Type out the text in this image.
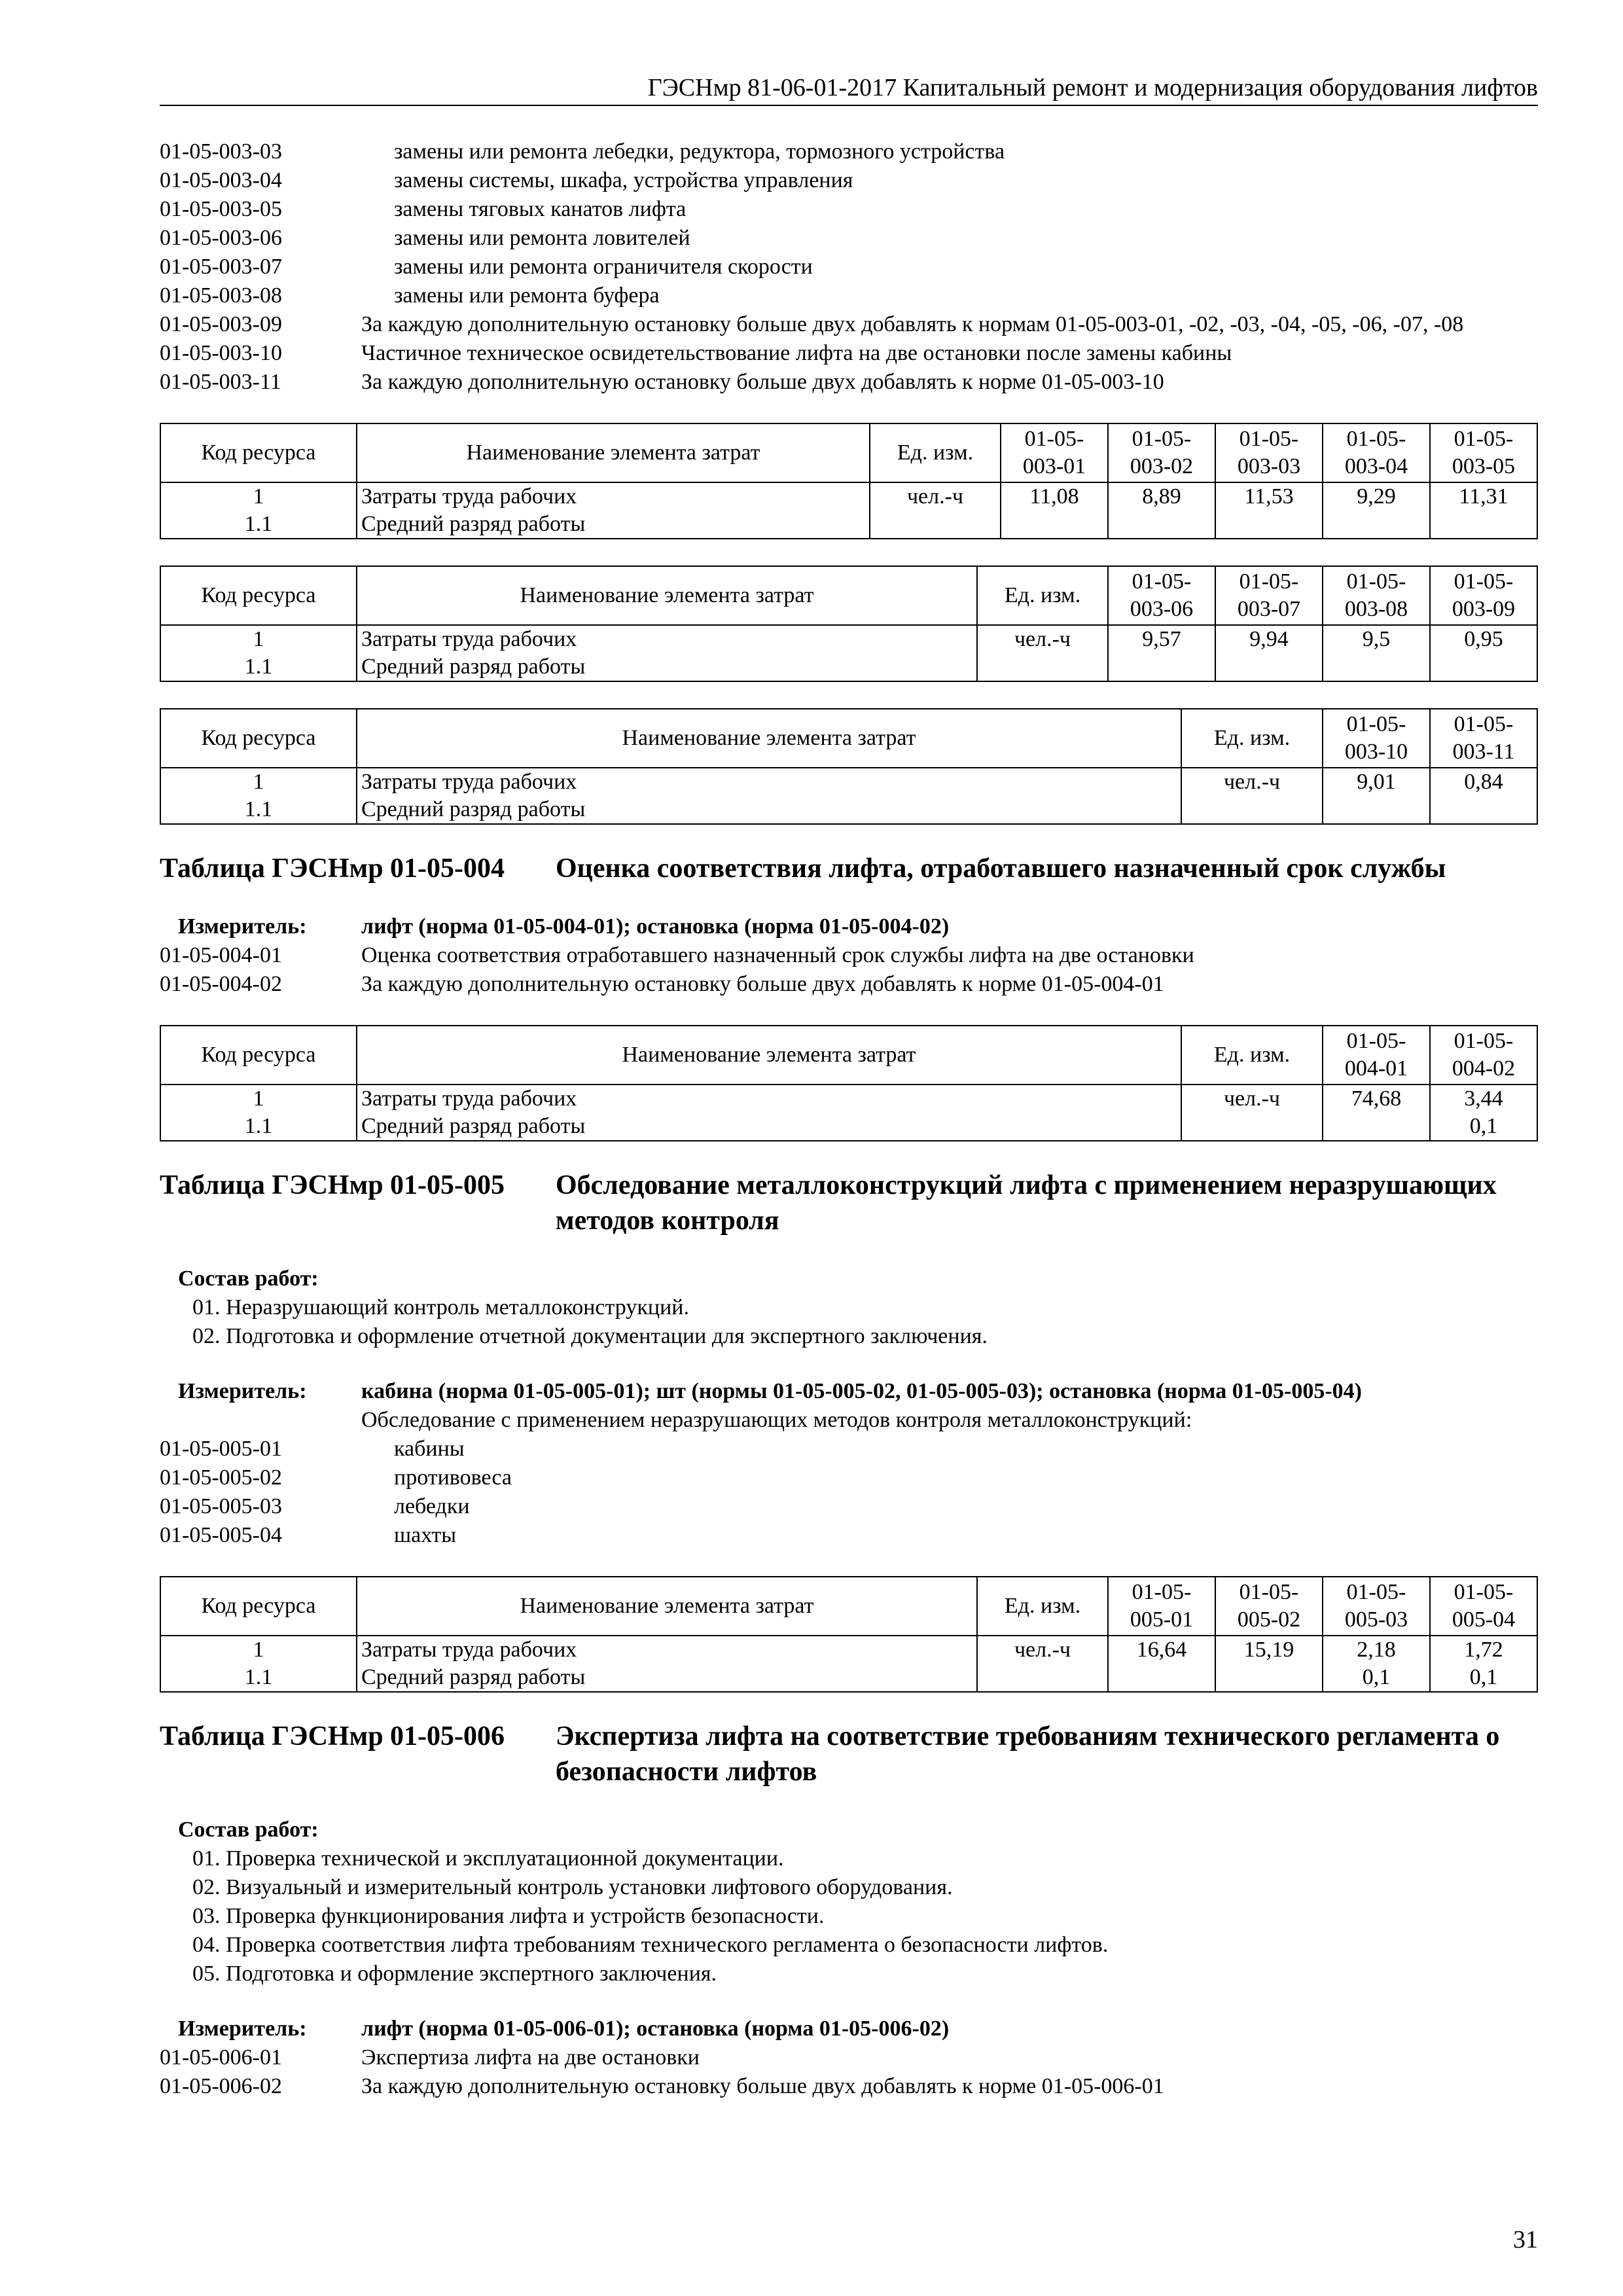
ГЭСНмр 81-06-01-2017 Капитальный ремонт и модернизация оборудования лифтов
01-05-003-03	замены или ремонта лебедки, редуктора, тормозного устройства
01-05-003-04	замены системы, шкафа, устройства управления
01-05-003-05	замены тяговых канатов лифта
01-05-003-06	замены или ремонта ловителей
01-05-003-07	замены или ремонта ограничителя скорости
01-05-003-08	замены или ремонта буфера
01-05-003-09	За каждую дополнительную остановку больше двух добавлять к нормам 01-05-003-01, -02, -03, -04, -05, -06, -07, -08
01-05-003-10	Частичное техническое освидетельствование лифта на две остановки после замены кабины
01-05-003-11	За каждую дополнительную остановку больше двух добавлять к норме 01-05-003-10
Код ресурса	Наименование элемента затрат	Ед. изм.	01-05-003-01	01-05-003-02	01-05-003-03	01-05-003-04	01-05-003-05
1	Затраты труда рабочих	чел.-ч	11,08	8,89	11,53	9,29	11,31
1.1	Средний разряд работы						
Код ресурса	Наименование элемента затрат	Ед. изм.	01-05-003-06	01-05-003-07	01-05-003-08	01-05-003-09
1	Затраты труда рабочих	чел.-ч	9,57	9,94	9,5	0,95
1.1	Средний разряд работы					
Код ресурса	Наименование элемента затрат	Ед. изм.	01-05-003-10	01-05-003-11
1	Затраты труда рабочих	чел.-ч	9,01	0,84
1.1	Средний разряд работы			
Таблица ГЭСНмр 01-05-004	Оценка соответствия лифта, отработавшего назначенный срок службы
Измеритель:	лифт (норма 01-05-004-01); остановка (норма 01-05-004-02)
01-05-004-01	Оценка соответствия отработавшего назначенный срок службы лифта на две остановки
01-05-004-02	За каждую дополнительную остановку больше двух добавлять к норме 01-05-004-01
Код ресурса	Наименование элемента затрат	Ед. изм.	01-05-004-01	01-05-004-02
1	Затраты труда рабочих	чел.-ч	74,68	3,44
1.1	Средний разряд работы			0,1
Таблица ГЭСНмр 01-05-005	Обследование металлоконструкций лифта с применением неразрушающих методов контроля
Состав работ:
01. Неразрушающий контроль металлоконструкций.
02. Подготовка и оформление отчетной документации для экспертного заключения.
Измеритель:	кабина (норма 01-05-005-01); шт (нормы 01-05-005-02, 01-05-005-03); остановка (норма 01-05-005-04)
Обследование с применением неразрушающих методов контроля металлоконструкций:
01-05-005-01	кабины
01-05-005-02	противовеса
01-05-005-03	лебедки
01-05-005-04	шахты
Код ресурса	Наименование элемента затрат	Ед. изм.	01-05-005-01	01-05-005-02	01-05-005-03	01-05-005-04
1	Затраты труда рабочих	чел.-ч	16,64	15,19	2,18	1,72
1.1	Средний разряд работы				0,1	0,1
Таблица ГЭСНмр 01-05-006	Экспертиза лифта на соответствие требованиям технического регламента о безопасности лифтов
Состав работ:
01. Проверка технической и эксплуатационной документации.
02. Визуальный и измерительный контроль установки лифтового оборудования.
03. Проверка функционирования лифта и устройств безопасности.
04. Проверка соответствия лифта требованиям технического регламента о безопасности лифтов.
05. Подготовка и оформление экспертного заключения.
Измеритель:	лифт (норма 01-05-006-01); остановка (норма 01-05-006-02)
01-05-006-01	Экспертиза лифта на две остановки
01-05-006-02	За каждую дополнительную остановку больше двух добавлять к норме 01-05-006-01
31
